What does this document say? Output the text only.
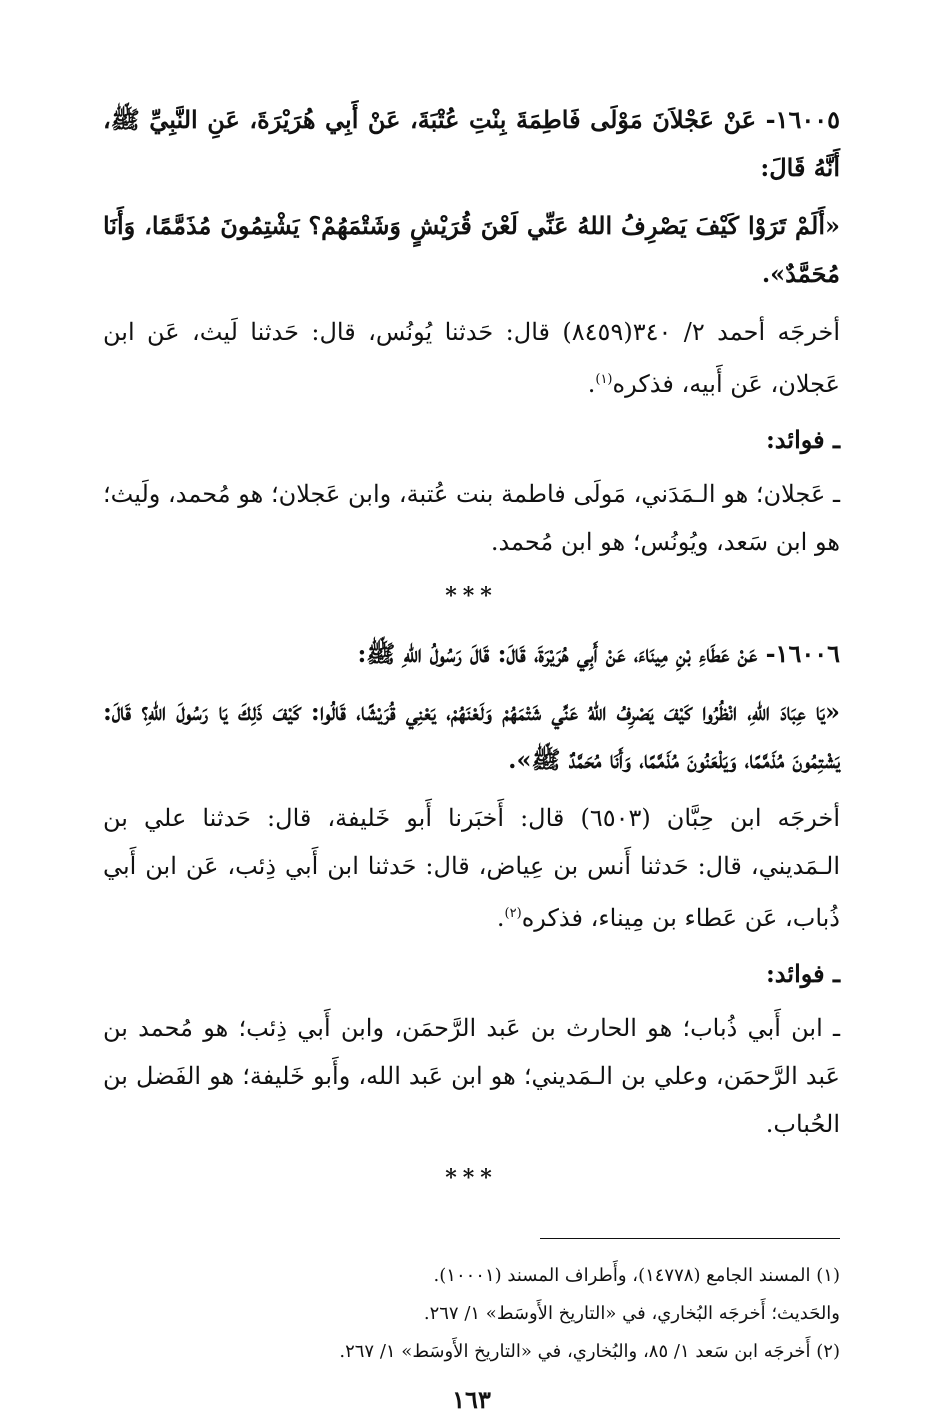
١٦٠٠٥- عَنْ عَجْلاَنَ مَوْلَى فَاطِمَةَ بِنْتِ عُتْبَةَ، عَنْ أَبِي هُرَيْرَةَ، عَنِ النَّبِيِّ ﷺ، أَنَّهُ قَالَ:

«أَلَمْ تَرَوْا كَيْفَ يَصْرِفُ اللهُ عَنِّي لَعْنَ قُرَيْشٍ وَشَتْمَهُمْ؟ يَشْتِمُونَ مُذَمَّمًا، وَأَنَا مُحَمَّدٌ».

أخرجَه أحمد ٢/ ٣٤٠(٨٤٥٩) قال: حَدثنا يُونُس، قال: حَدثنا لَيث، عَن ابن عَجلان، عَن أَبيه، فذكره$^{(١)}$.

ـ فوائد:

ـ عَجلان؛ هو الـمَدَني، مَولَى فاطمة بنت عُتبة، وابن عَجلان؛ هو مُحمد، ولَيث؛ هو ابن سَعد، ويُونُس؛ هو ابن مُحمد.

***

١٦٠٠٦- عَنْ عَطَاءِ بْنِ مِينَاءَ، عَنْ أَبِي هُرَيْرَةَ، قَالَ: قَالَ رَسُولُ اللهِ ﷺ:

«يَا عِبَادَ اللهِ، انْظُرُوا كَيْفَ يَصْرِفُ اللهُ عَنِّي شَتْمَهُمْ وَلَعْنَهُمْ، يَعْنِي قُرَيْشًا، قَالُوا: كَيْفَ ذَلِكَ يَا رَسُولَ اللهِ؟ قَالَ: يَشْتِمُونَ مُذَمَّمًا، وَيَلْعَنُونَ مُذَمَّمًا، وَأَنَا مُحَمَّدٌ ﷺ».

أخرجَه ابن حِبَّان (٦٥٠٣) قال: أَخبَرنا أَبو خَليفة، قال: حَدثنا علي بن الـمَديني، قال: حَدثنا أَنس بن عِياض، قال: حَدثنا ابن أَبي ذِئب، عَن ابن أَبي ذُباب، عَن عَطاء بن مِيناء، فذكره$^{(٢)}$.

ـ فوائد:

ـ ابن أَبي ذُباب؛ هو الحارث بن عَبد الرَّحمَن، وابن أَبي ذِئب؛ هو مُحمد بن عَبد الرَّحمَن، وعلي بن الـمَديني؛ هو ابن عَبد الله، وأَبو خَليفة؛ هو الفَضل بن الحُباب.

***

(١) المسند الجامع (١٤٧٧٨)، وأَطراف المسند (١٠٠٠١).

والحَديث؛ أَخرجَه البُخاري، في «التاريخ الأَوسَط» ١/ ٢٦٧.

(٢) أَخرجَه ابن سَعد ١/ ٨٥، والبُخاري، في «التاريخ الأَوسَط» ١/ ٢٦٧.

١٦٣
